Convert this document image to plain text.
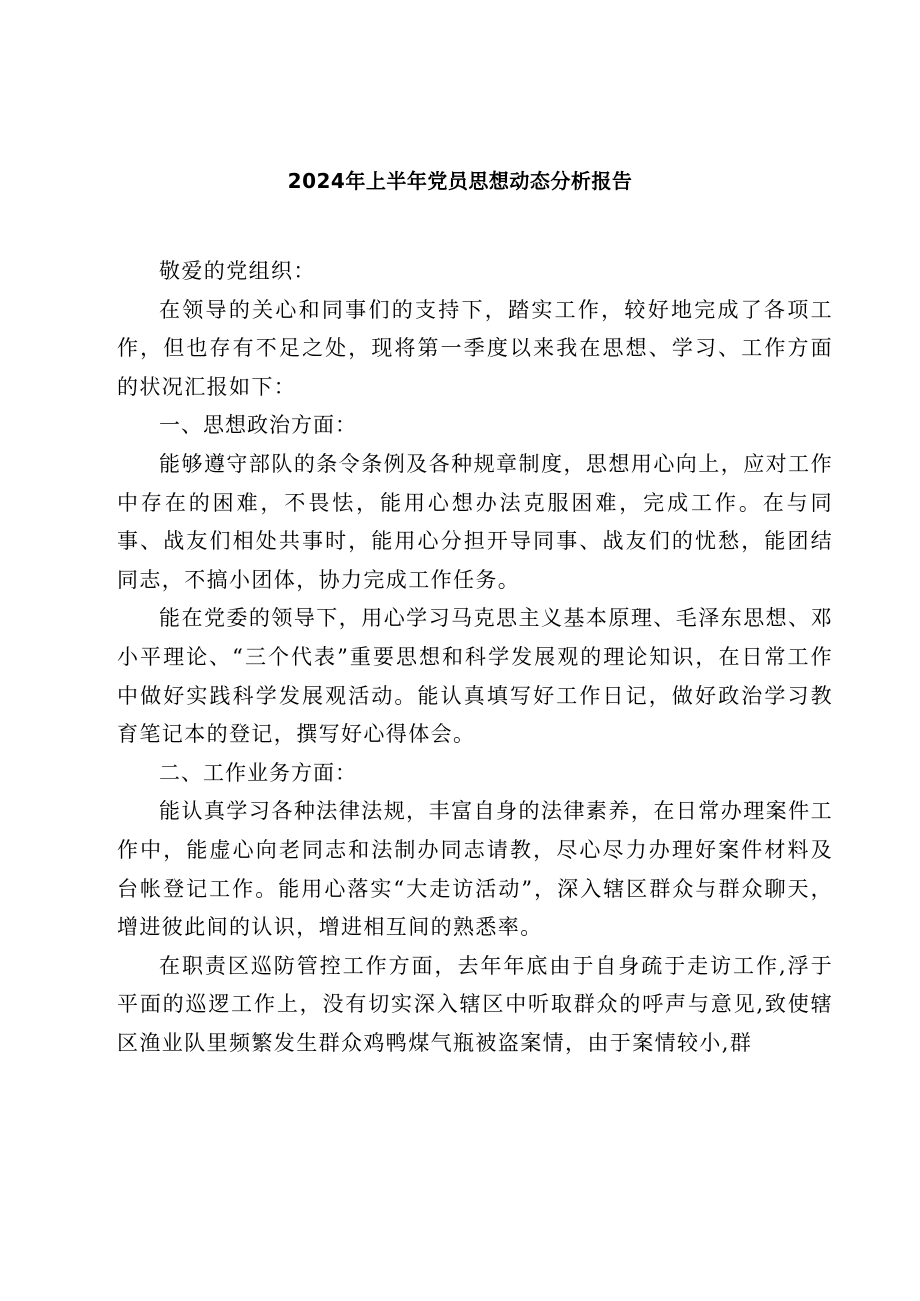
2024年上半年党员思想动态分析报告

敬爱的党组织：

在领导的关心和同事们的支持下，踏实工作，较好地完成了各项工作，但也存有不足之处，现将第一季度以来我在思想、学习、工作方面的状况汇报如下：

一、思想政治方面：

能够遵守部队的条令条例及各种规章制度，思想用心向上，应对工作中存在的困难，不畏怯，能用心想办法克服困难，完成工作。在与同事、战友们相处共事时，能用心分担开导同事、战友们的忧愁，能团结同志，不搞小团体，协力完成工作任务。

能在党委的领导下，用心学习马克思主义基本原理、毛泽东思想、邓小平理论、“三个代表”重要思想和科学发展观的理论知识，在日常工作中做好实践科学发展观活动。能认真填写好工作日记，做好政治学习教育笔记本的登记，撰写好心得体会。

二、工作业务方面：

能认真学习各种法律法规，丰富自身的法律素养，在日常办理案件工作中，能虚心向老同志和法制办同志请教，尽心尽力办理好案件材料及台帐登记工作。能用心落实“大走访活动”，深入辖区群众与群众聊天，增进彼此间的认识，增进相互间的熟悉率。

在职责区巡防管控工作方面，去年年底由于自身疏于走访工作,浮于平面的巡逻工作上，没有切实深入辖区中听取群众的呼声与意见,致使辖区渔业队里频繁发生群众鸡鸭煤气瓶被盗案情，由于案情较小,群
